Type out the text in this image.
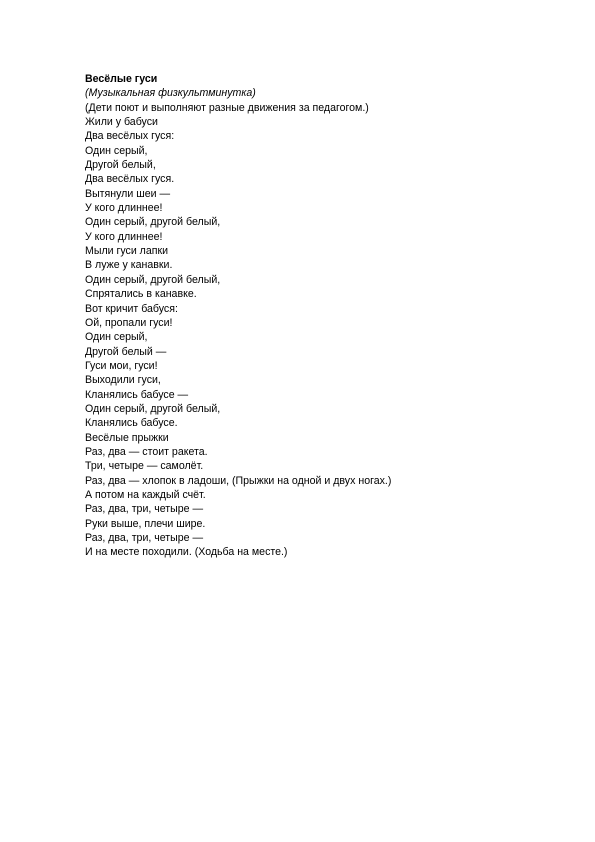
Весёлые гуси
(Музыкальная физкультминутка)
(Дети поют и выполняют разные движения за педагогом.)
Жили у бабуси
Два весёлых гуся:
Один серый,
Другой белый,
Два весёлых гуся.
Вытянули шеи —
У кого длиннее!
Один серый, другой белый,
У кого длиннее!
Мыли гуси лапки
В луже у канавки.
Один серый, другой белый,
Спрятались в канавке.
Вот кричит бабуся:
Ой, пропали гуси!
Один серый,
Другой белый —
Гуси мои, гуси!
Выходили гуси,
Кланялись бабусе —
Один серый, другой белый,
Кланялись бабусе.
Весёлые прыжки
Раз, два — стоит ракета.
Три, четыре — самолёт.
Раз, два — хлопок в ладоши, (Прыжки на одной и двух ногах.)
А потом на каждый счёт.
Раз, два, три, четыре —
Руки выше, плечи шире.
Раз, два, три, четыре —
И на месте походили. (Ходьба на месте.)
